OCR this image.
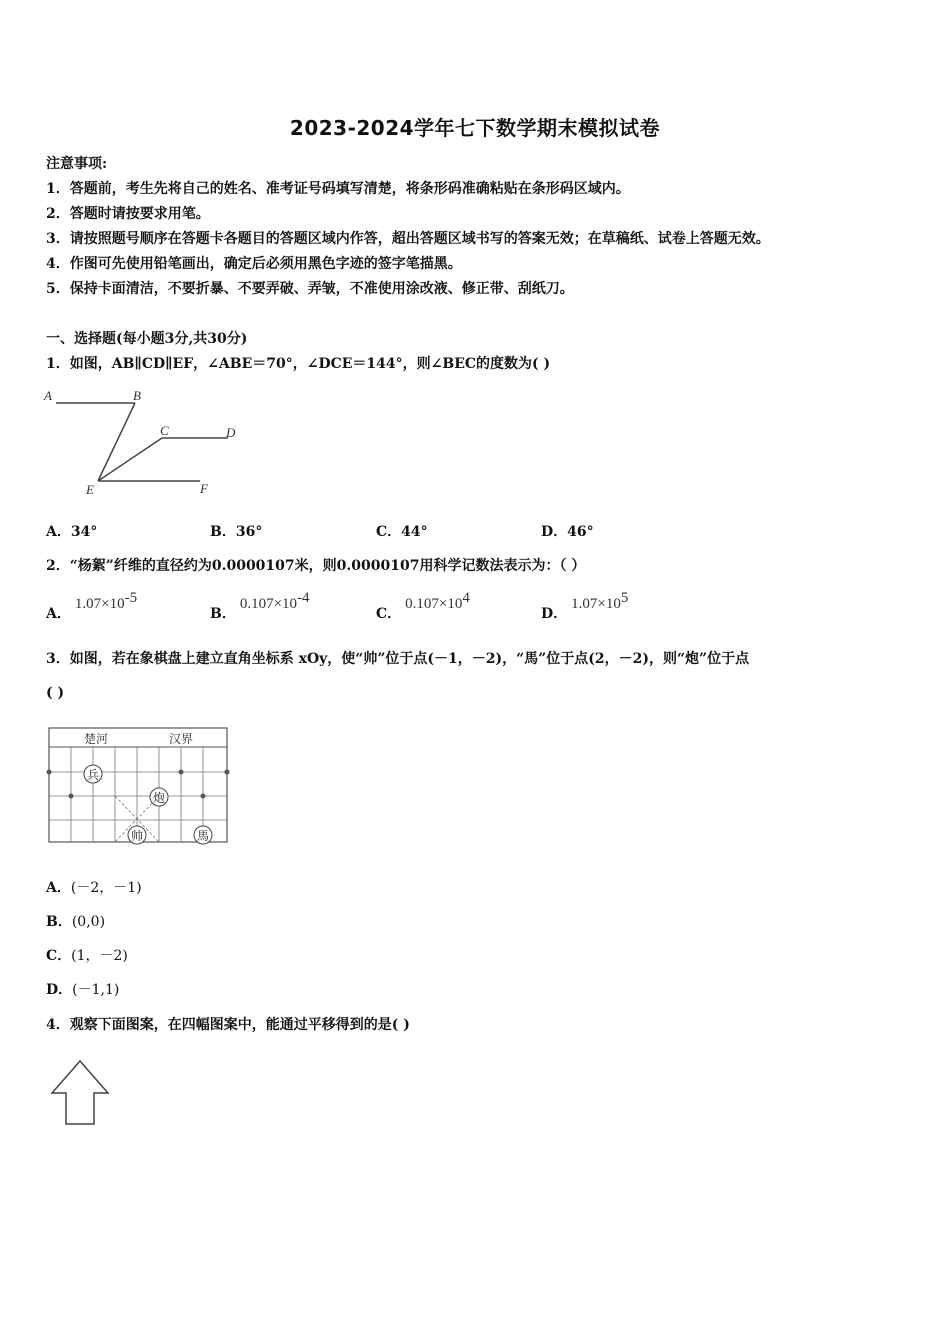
2023-2024学年七下数学期末模拟试卷
注意事项:
1．答题前，考生先将自己的姓名、准考证号码填写清楚，将条形码准确粘贴在条形码区域内。
2．答题时请按要求用笔。
3．请按照题号顺序在答题卡各题目的答题区域内作答，超出答题区域书写的答案无效；在草稿纸、试卷上答题无效。
4．作图可先使用铅笔画出，确定后必须用黑色字迹的签字笔描黑。
5．保持卡面清洁，不要折暴、不要弄破、弄皱，不准使用涂改液、修正带、刮纸刀。
一、选择题(每小题3分,共30分)
1．如图，AB∥CD∥EF，∠ABE＝70°，∠DCE＝144°，则∠BEC的度数为( )
A	B
C	D
E	F
A．34°	B．36°	C．44°	D．46°
2．“杨絮”纤维的直径约为0.0000107米，则0.0000107用科学记数法表示为：（ ）
A．1.07×10-5
B．0.107×10-4
C．0.107×104
D．1.07×105
3．如图，若在象棋盘上建立直角坐标系 xOy，使“帅”位于点(－1，－2)，“馬”位于点(2，－2)，则“炮”位于点
( )
楚河	汉界
兵
炮
帅	馬
A．(－2，－1)
B．(0,0)
C．(1，－2)
D．(－1,1)
4．观察下面图案，在四幅图案中，能通过平移得到的是( )
